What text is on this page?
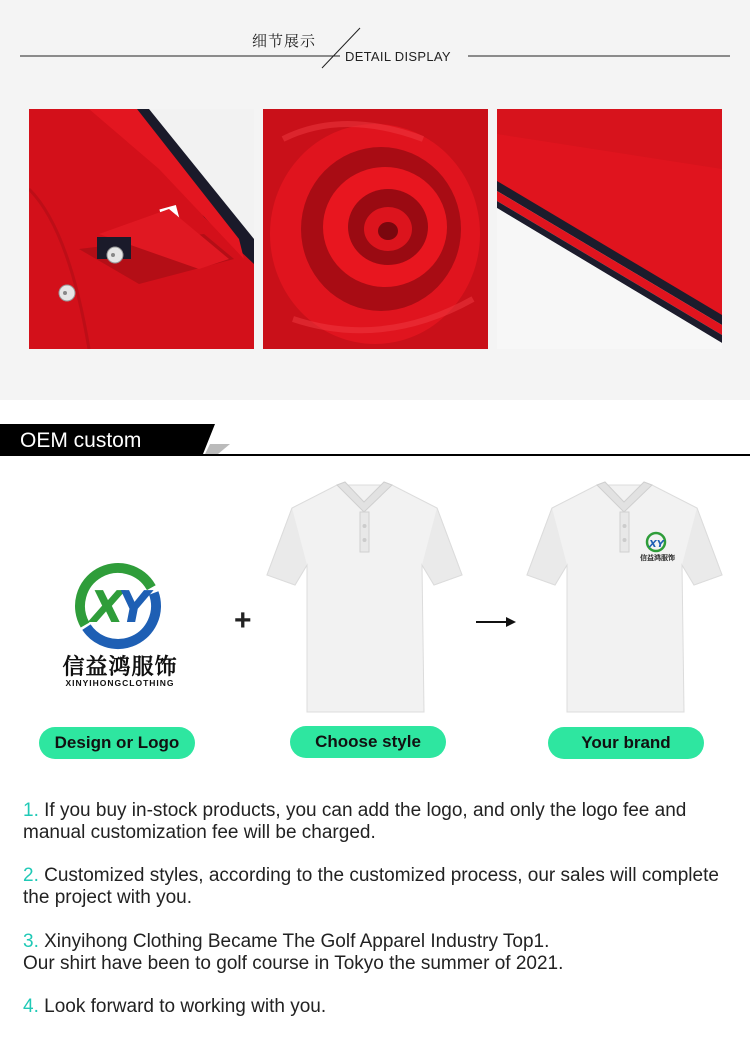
细节展示
DETAIL DISPLAY
OEM custom
X
Y
信益鸿服饰
XINYIHONGCLOTHING
+
XY
信益鸿服饰
Design or Logo	Choose style	Your brand
1. If you buy in-stock products, you can add the logo, and only the logo fee and manual customization fee will be charged.
2. Customized styles, according to the customized process, our sales will complete the project with you.
3. Xinyihong Clothing Became The Golf Apparel Industry Top1.
Our shirt have been to golf course in Tokyo the summer of 2021.
4. Look forward to working with you.
